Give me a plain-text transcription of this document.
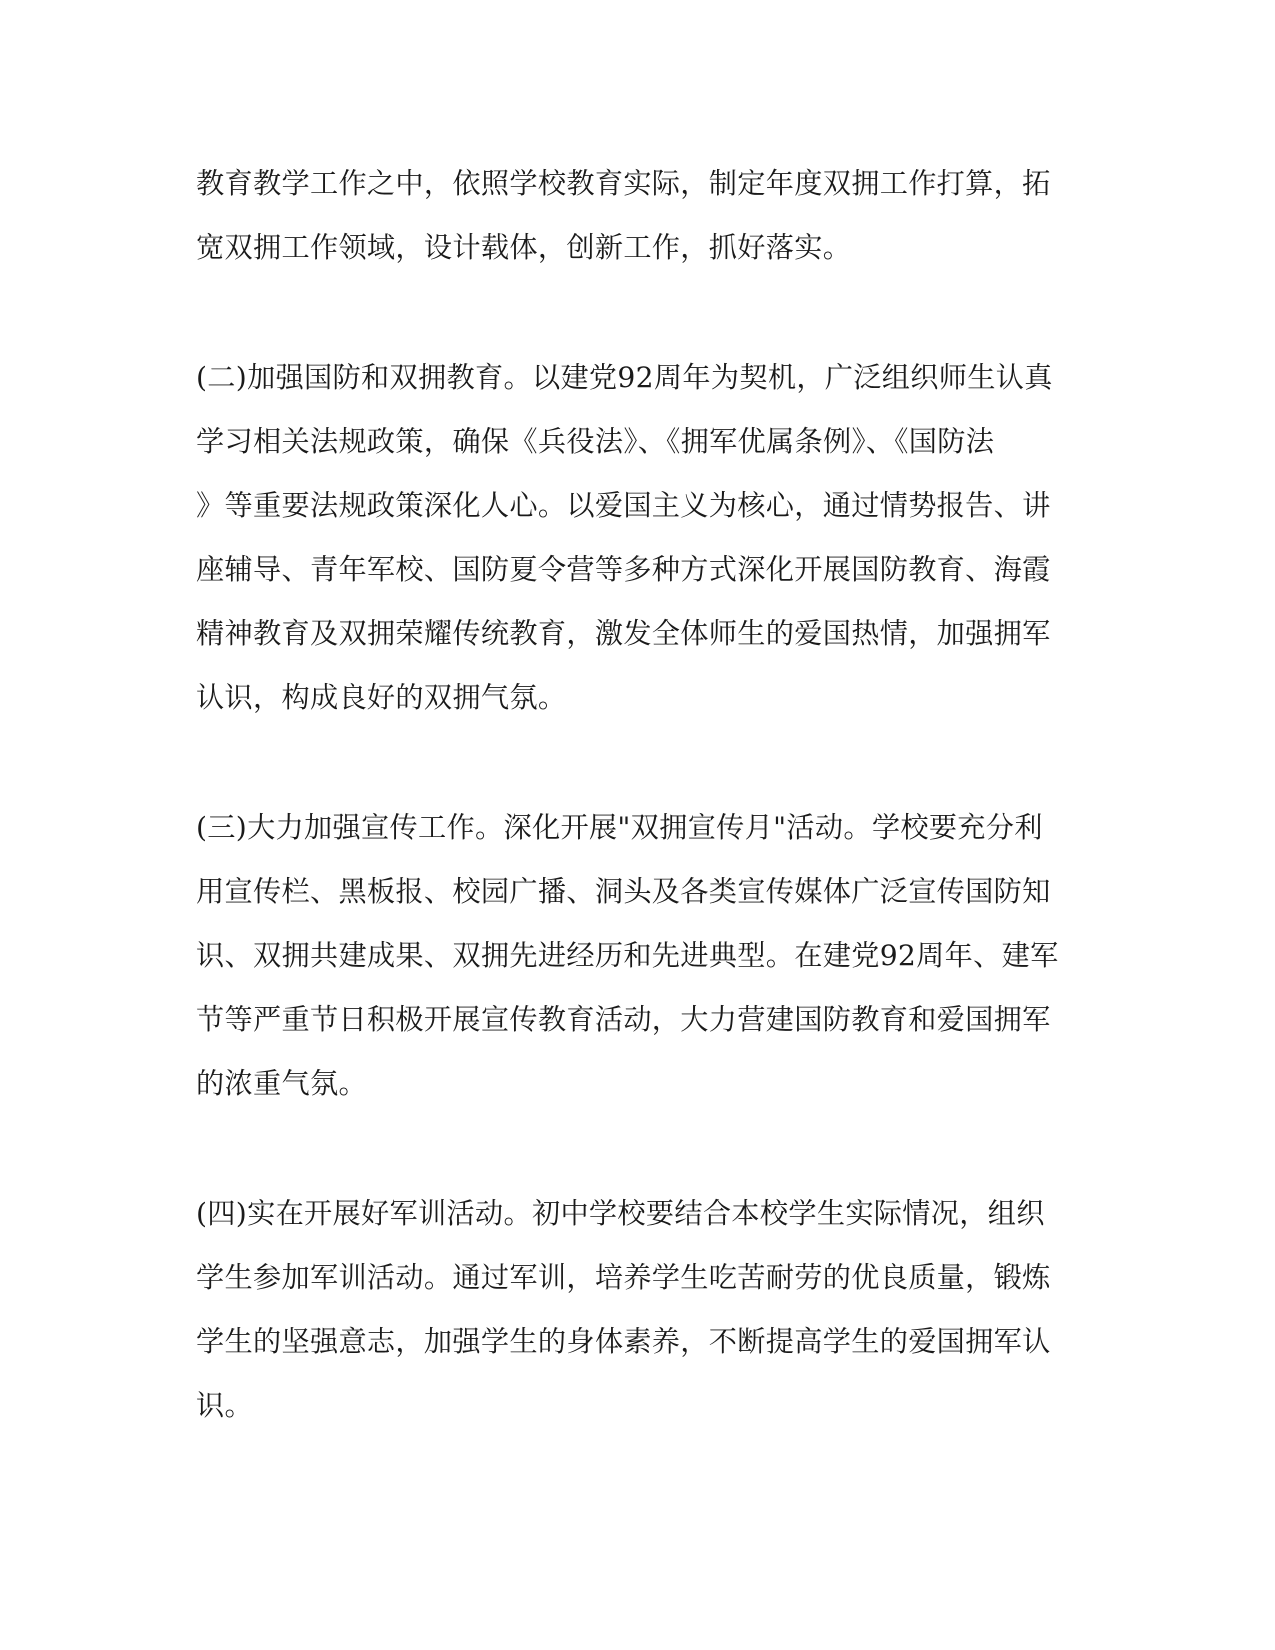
教育教学工作之中，依照学校教育实际，制定年度双拥工作打算，拓
宽双拥工作领域，设计载体，创新工作，抓好落实。

(二)加强国防和双拥教育。以建党92周年为契机，广泛组织师生认真
学习相关法规政策，确保《兵役法》、《拥军优属条例》、《国防法
》等重要法规政策深化人心。以爱国主义为核心，通过情势报告、讲
座辅导、青年军校、国防夏令营等多种方式深化开展国防教育、海霞
精神教育及双拥荣耀传统教育，激发全体师生的爱国热情，加强拥军
认识，构成良好的双拥气氛。

(三)大力加强宣传工作。深化开展"双拥宣传月"活动。学校要充分利
用宣传栏、黑板报、校园广播、洞头及各类宣传媒体广泛宣传国防知
识、双拥共建成果、双拥先进经历和先进典型。在建党92周年、建军
节等严重节日积极开展宣传教育活动，大力营建国防教育和爱国拥军
的浓重气氛。

(四)实在开展好军训活动。初中学校要结合本校学生实际情况，组织
学生参加军训活动。通过军训，培养学生吃苦耐劳的优良质量，锻炼
学生的坚强意志，加强学生的身体素养，不断提高学生的爱国拥军认
识。
